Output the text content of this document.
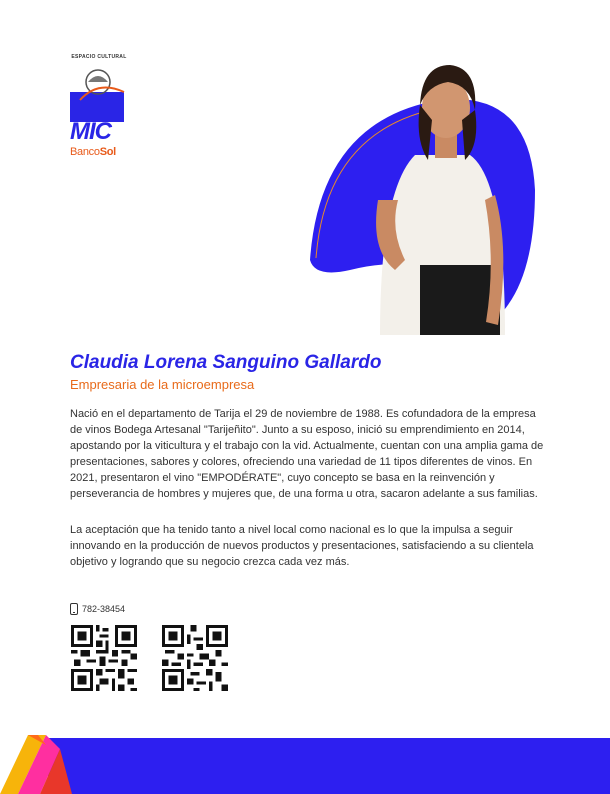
ESPACIO CULTURAL
MIC
BancoSol
Claudia Lorena Sanguino Gallardo
Empresaria de la microempresa

Nació en el departamento de Tarija el 29 de noviembre de 1988. Es cofundadora de la empresa de vinos Bodega Artesanal "Tarijeñito". Junto a su esposo, inició su emprendimiento en 2014, apostando por la viticultura y el trabajo con la vid. Actualmente, cuentan con una amplia gama de presentaciones, sabores y colores, ofreciendo una variedad de 11 tipos diferentes de vinos. En 2021, presentaron el vino "EMPODÉRATE", cuyo concepto se basa en la reinvención y perseverancia de hombres y mujeres que, de una forma u otra, sacaron adelante a sus familias.

La aceptación que ha tenido tanto a nivel local como nacional es lo que la impulsa a seguir innovando en la producción de nuevos productos y presentaciones, satisfaciendo a su clientela objetivo y logrando que su negocio crezca cada vez más.

782-38454
